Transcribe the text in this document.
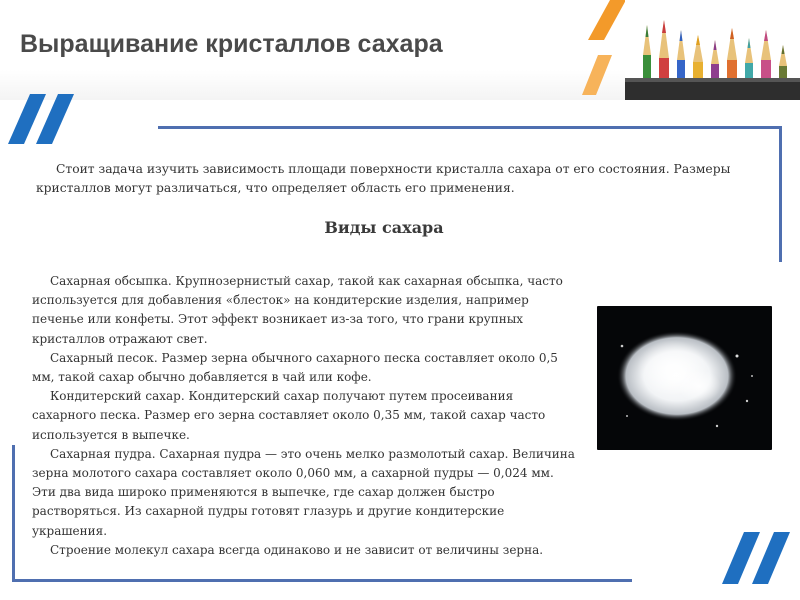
Выращивание кристаллов сахара

Стоит задача изучить зависимость площади поверхности кристалла сахара от его состояния. Размеры кристаллов могут различаться, что определяет область его применения.

Виды сахара

Сахарная обсыпка. Крупнозернистый сахар, такой как сахарная обсыпка, часто используется для добавления «блесток» на кондитерские изделия, например печенье или конфеты. Этот эффект возникает из-за того, что грани крупных кристаллов отражают свет.

Сахарный песок. Размер зерна обычного сахарного песка составляет около 0,5 мм, такой сахар обычно добавляется в чай или кофе.

Кондитерский сахар. Кондитерский сахар получают путем просеивания сахарного песка. Размер его зерна составляет около 0,35 мм, такой сахар часто используется в выпечке.

Сахарная пудра. Сахарная пудра — это очень мелко размолотый сахар. Величина зерна молотого сахара составляет около 0,060 мм, а сахарной пудры — 0,024 мм. Эти два вида широко применяются в выпечке, где сахар должен быстро растворяться. Из сахарной пудры готовят глазурь и другие кондитерские украшения.

Строение молекул сахара всегда одинаково и не зависит от величины зерна.
